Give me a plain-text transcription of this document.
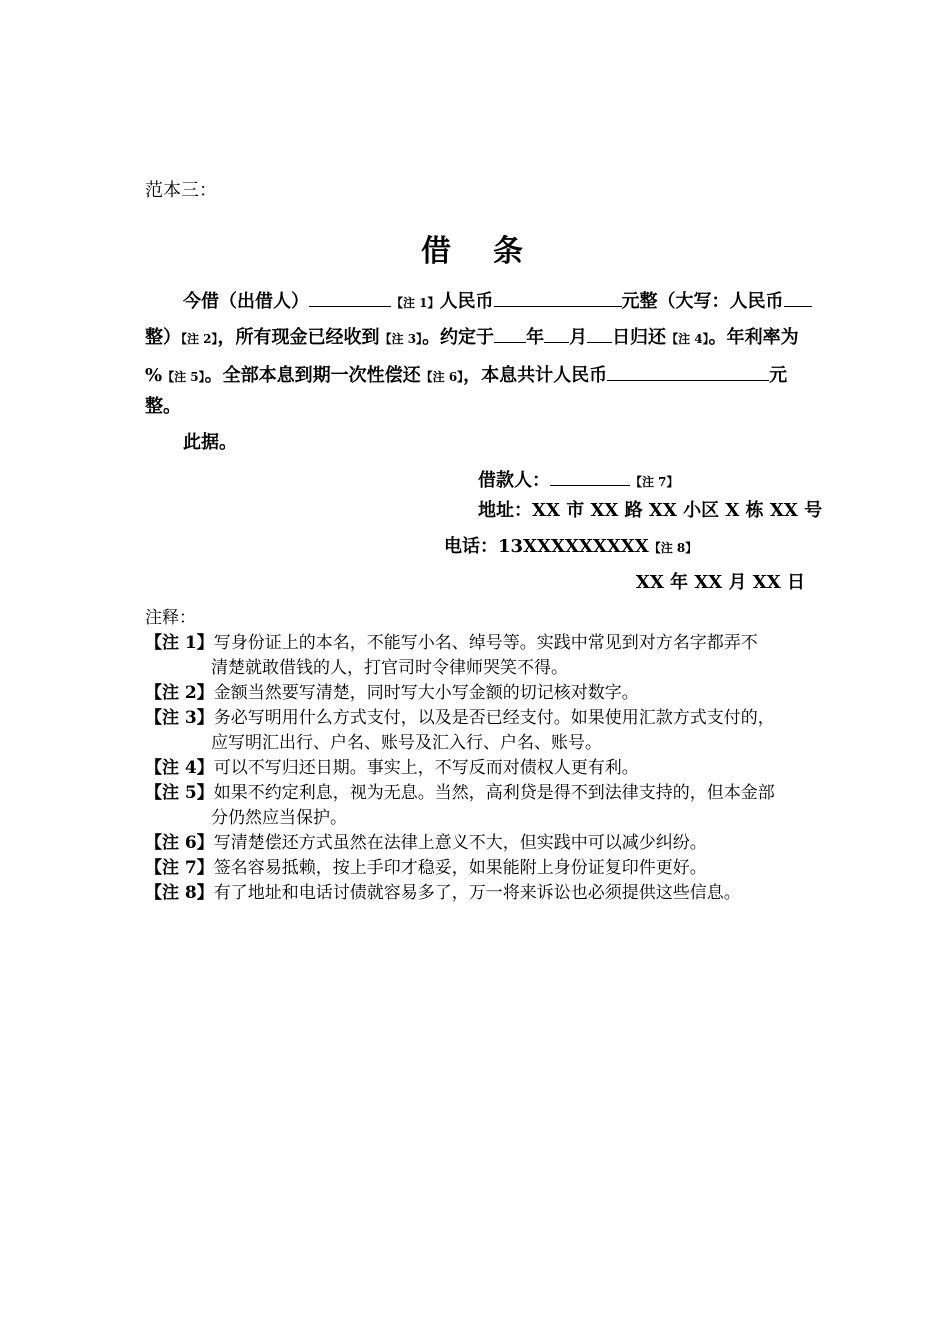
范本三：
借　条
今借（出借人）	【注 1】人民币	元整（大写：人民币
整）【注 2】，所有现金已经收到【注 3】。约定于 年 月 日归还【注 4】。年利率为
%【注 5】。全部本息到期一次性偿还【注 6】，本息共计人民币	元
整。
此据。
借款人：	【注 7】
地址：XX 市 XX 路 XX 小区 X 栋 XX 号
电话：13XXXXXXXXX【注 8】
XX 年 XX 月 XX 日
注释：
【注 1】写身份证上的本名，不能写小名、绰号等。实践中常见到对方名字都弄不
清楚就敢借钱的人，打官司时令律师哭笑不得。
【注 2】金额当然要写清楚，同时写大小写金额的切记核对数字。
【注 3】务必写明用什么方式支付，以及是否已经支付。如果使用汇款方式支付的，
应写明汇出行、户名、账号及汇入行、户名、账号。
【注 4】可以不写归还日期。事实上，不写反而对债权人更有利。
【注 5】如果不约定利息，视为无息。当然，高利贷是得不到法律支持的，但本金部
分仍然应当保护。
【注 6】写清楚偿还方式虽然在法律上意义不大，但实践中可以减少纠纷。
【注 7】签名容易抵赖，按上手印才稳妥，如果能附上身份证复印件更好。
【注 8】有了地址和电话讨债就容易多了，万一将来诉讼也必须提供这些信息。
